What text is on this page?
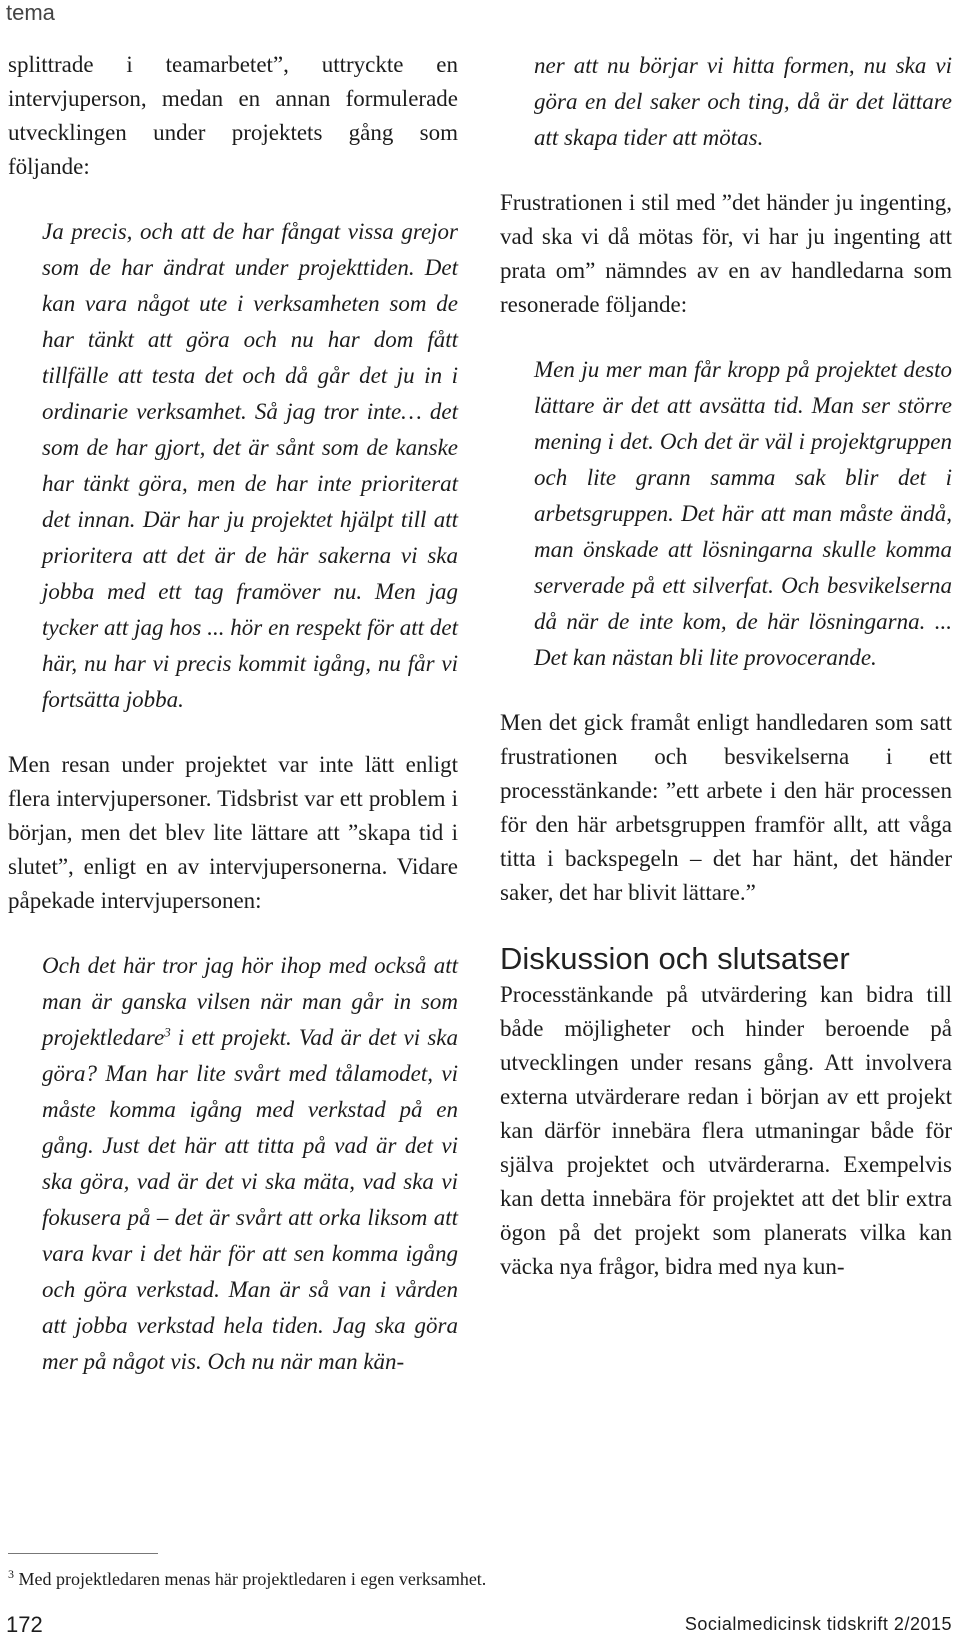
tema

splittrade i teamarbetet”, uttryckte en intervjuperson, medan en annan formulerade utvecklingen under projektets gång som följande:

Ja precis, och att de har fångat vissa grejor som de har ändrat under projekttiden. Det kan vara något ute i verksamheten som de har tänkt att göra och nu har dom fått tillfälle att testa det och då går det ju in i ordinarie verksamhet. Så jag tror inte… det som de har gjort, det är sånt som de kanske har tänkt göra, men de har inte prioriterat det innan. Där har ju projektet hjälpt till att prioritera att det är de här sakerna vi ska jobba med ett tag framöver nu. Men jag tycker att jag hos ... hör en respekt för att det här, nu har vi precis kommit igång, nu får vi fortsätta jobba.

Men resan under projektet var inte lätt enligt flera intervjupersoner. Tidsbrist var ett problem i början, men det blev lite lättare att ”skapa tid i slutet”, enligt en av intervjupersonerna. Vidare påpekade intervjupersonen:

Och det här tror jag hör ihop med också att man är ganska vilsen när man går in som projektledare$^3$ i ett projekt. Vad är det vi ska göra? Man har lite svårt med tålamodet, vi måste komma igång med verkstad på en gång. Just det här att titta på vad är det vi ska göra, vad är det vi ska mäta, vad ska vi fokusera på – det är svårt att orka liksom att vara kvar i det här för att sen komma igång och göra verkstad. Man är så van i vården att jobba verkstad hela tiden. Jag ska göra mer på något vis. Och nu när man kän-

ner att nu börjar vi hitta formen, nu ska vi göra en del saker och ting, då är det lättare att skapa tider att mötas.

Frustrationen i stil med ”det händer ju ingenting, vad ska vi då mötas för, vi har ju ingenting att prata om” nämndes av en av handledarna som resonerade följande:

Men ju mer man får kropp på projektet desto lättare är det att avsätta tid. Man ser större mening i det. Och det är väl i projektgruppen och lite grann samma sak blir det i arbetsgruppen. Det här att man måste ändå, man önskade att lösningarna skulle komma serverade på ett silverfat. Och besvikelserna då när de inte kom, de här lösningarna. ... Det kan nästan bli lite provocerande.

Men det gick framåt enligt handledaren som satt frustrationen och besvikelserna i ett processtänkande: ”ett arbete i den här processen för den här arbetsgruppen framför allt, att våga titta i backspegeln – det har hänt, det händer saker, det har blivit lättare.”

Diskussion och slutsatser

Processtänkande på utvärdering kan bidra till både möjligheter och hinder beroende på utvecklingen under resans gång. Att involvera externa utvärderare redan i början av ett projekt kan därför innebära flera utmaningar både för själva projektet och utvärderarna. Exempelvis kan detta innebära för projektet att det blir extra ögon på det projekt som planerats vilka kan väcka nya frågor, bidra med nya kun-

$^3$ Med projektledaren menas här projektledaren i egen verksamhet.
172	Socialmedicinsk tidskrift 2/2015
